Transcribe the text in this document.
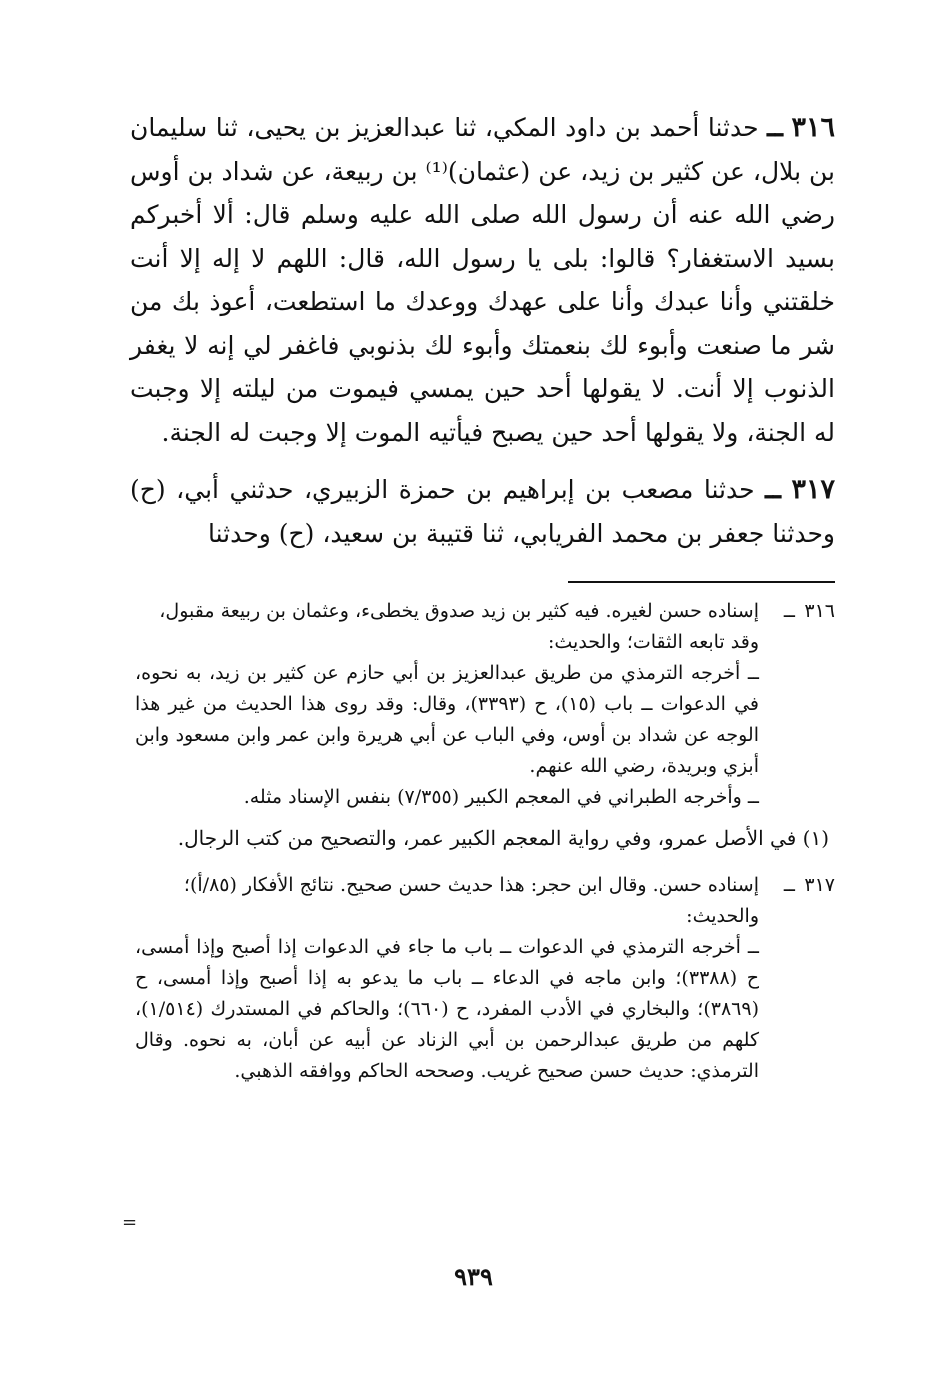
٣١٦ ــ حدثنا أحمد بن داود المكي، ثنا عبدالعزيز بن يحيى، ثنا سليمان بن بلال، عن كثير بن زيد، عن (عثمان)⁽¹⁾ بن ربيعة، عن شداد بن أوس رضي الله عنه أن رسول الله صلى الله عليه وسلم قال: ألا أخبركم بسيد الاستغفار؟ قالوا: بلى يا رسول الله، قال: اللهم لا إله إلا أنت خلقتني وأنا عبدك وأنا على عهدك ووعدك ما استطعت، أعوذ بك من شر ما صنعت وأبوء لك بنعمتك وأبوء لك بذنوبي فاغفر لي إنه لا يغفر الذنوب إلا أنت. لا يقولها أحد حين يمسي فيموت من ليلته إلا وجبت له الجنة، ولا يقولها أحد حين يصبح فيأتيه الموت إلا وجبت له الجنة.

٣١٧ ــ حدثنا مصعب بن إبراهيم بن حمزة الزبيري، حدثني أبي، (ح) وحدثنا جعفر بن محمد الفريابي، ثنا قتيبة بن سعيد، (ح) وحدثنا

٣١٦ــإسناده حسن لغيره. فيه كثير بن زيد صدوق يخطىء، وعثمان بن ربيعة مقبول،
وقد تابعه الثقات؛ والحديث:
ــ أخرجه الترمذي من طريق عبدالعزيز بن أبي حازم عن كثير بن زيد، به نحوه، في الدعوات ــ باب (١٥)، ح (٣٣٩٣)، وقال: وقد روى هذا الحديث من غير هذا الوجه عن شداد بن أوس، وفي الباب عن أبي هريرة وابن عمر وابن مسعود وابن أبزي وبريدة، رضي الله عنهم.
ــ وأخرجه الطبراني في المعجم الكبير (٧/٣٥٥) بنفس الإسناد مثله.
(١) في الأصل عمرو، وفي رواية المعجم الكبير عمر، والتصحيح من كتب الرجال.
٣١٧ــإسناده حسن. وقال ابن حجر: هذا حديث حسن صحيح. نتائج الأفكار (٨٥/أ)؛
والحديث:
ــ أخرجه الترمذي في الدعوات ــ باب ما جاء في الدعوات إذا أصبح وإذا أمسى، ح (٣٣٨٨)؛ وابن ماجه في الدعاء ــ باب ما يدعو به إذا أصبح وإذا أمسى، ح (٣٨٦٩)؛ والبخاري في الأدب المفرد، ح (٦٦٠)؛ والحاكم في المستدرك (١/٥١٤)، كلهم من طريق عبدالرحمن بن أبي الزناد عن أبيه عن أبان، به نحوه. وقال الترمذي: حديث حسن صحيح غريب. وصححه الحاكم ووافقه الذهبي.
=
٩٣٩
